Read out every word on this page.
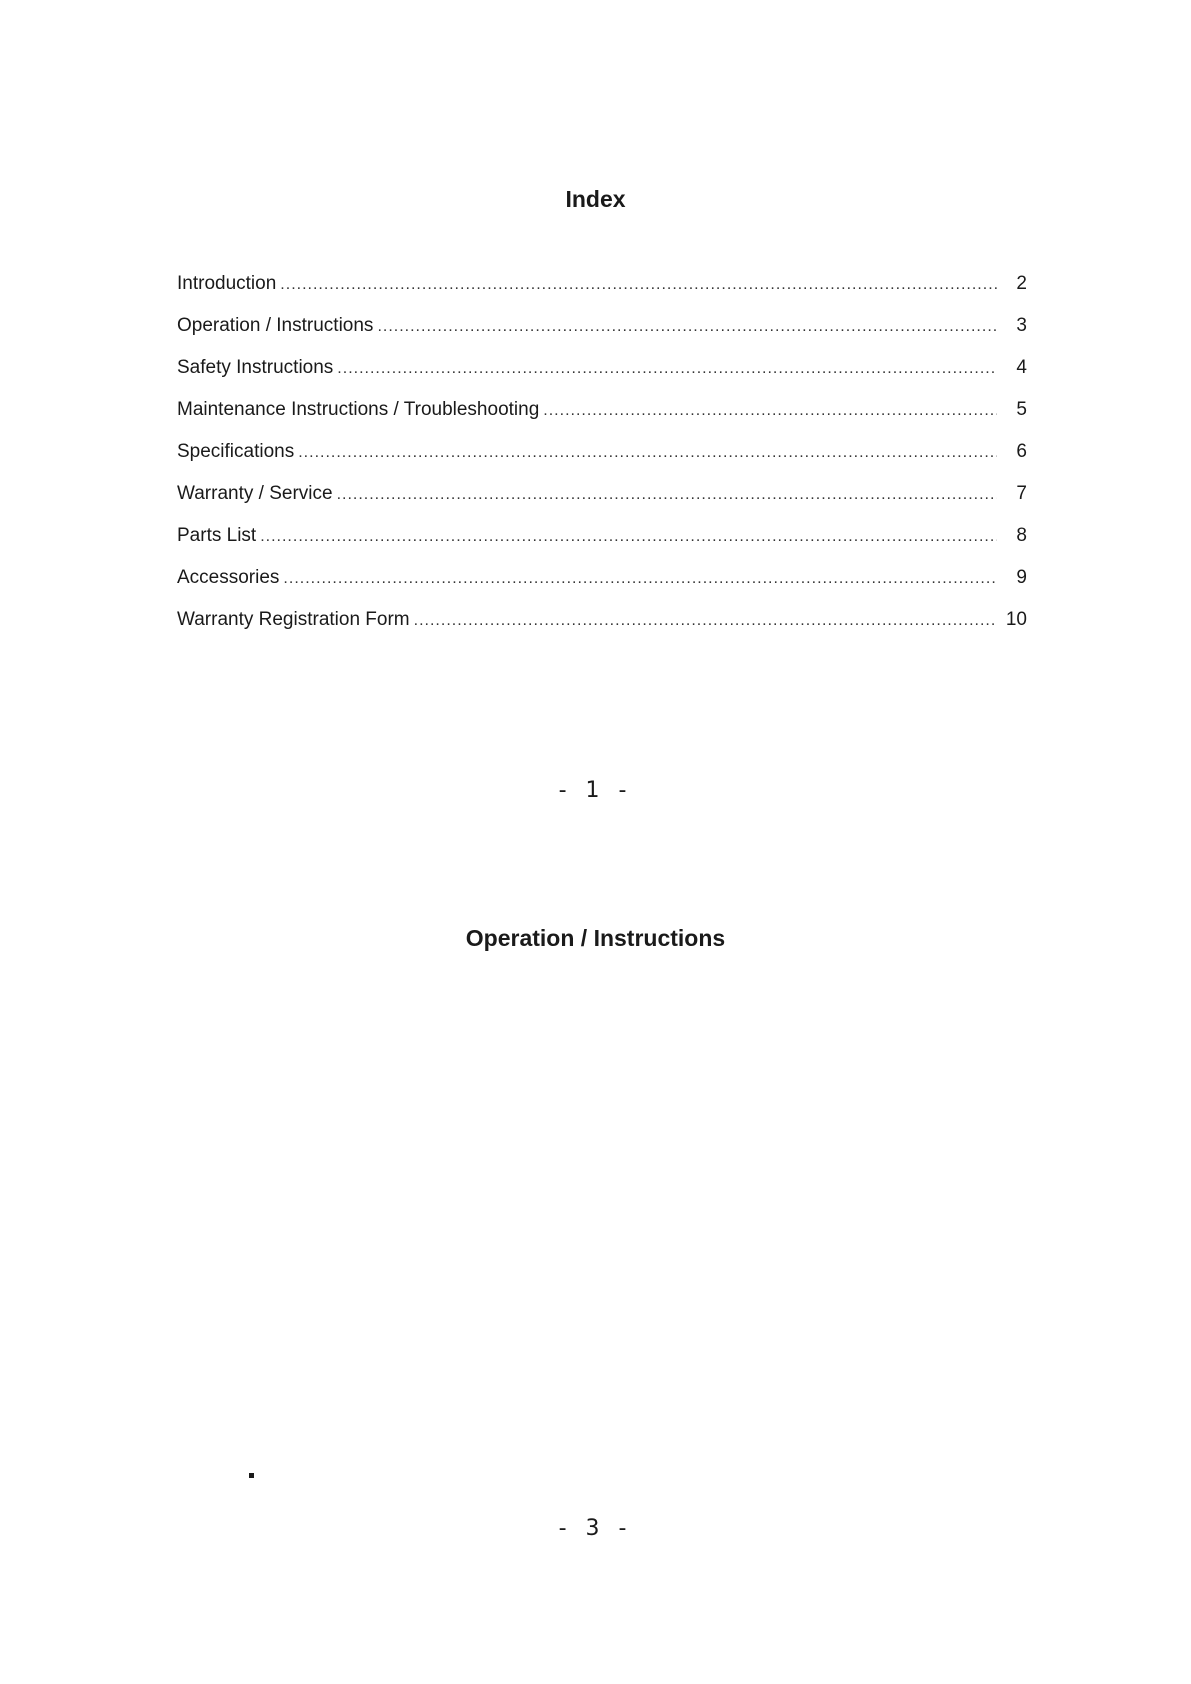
Index
Introduction .....	2
Operation / Instructions .....	3
Safety Instructions .....	4
Maintenance Instructions / Troubleshooting .....	5
Specifications .....	6
Warranty / Service .....	7
Parts List .....	8
Accessories .....	9
Warranty Registration Form .....	10
- 1 -
Operation / Instructions
- 3 -
